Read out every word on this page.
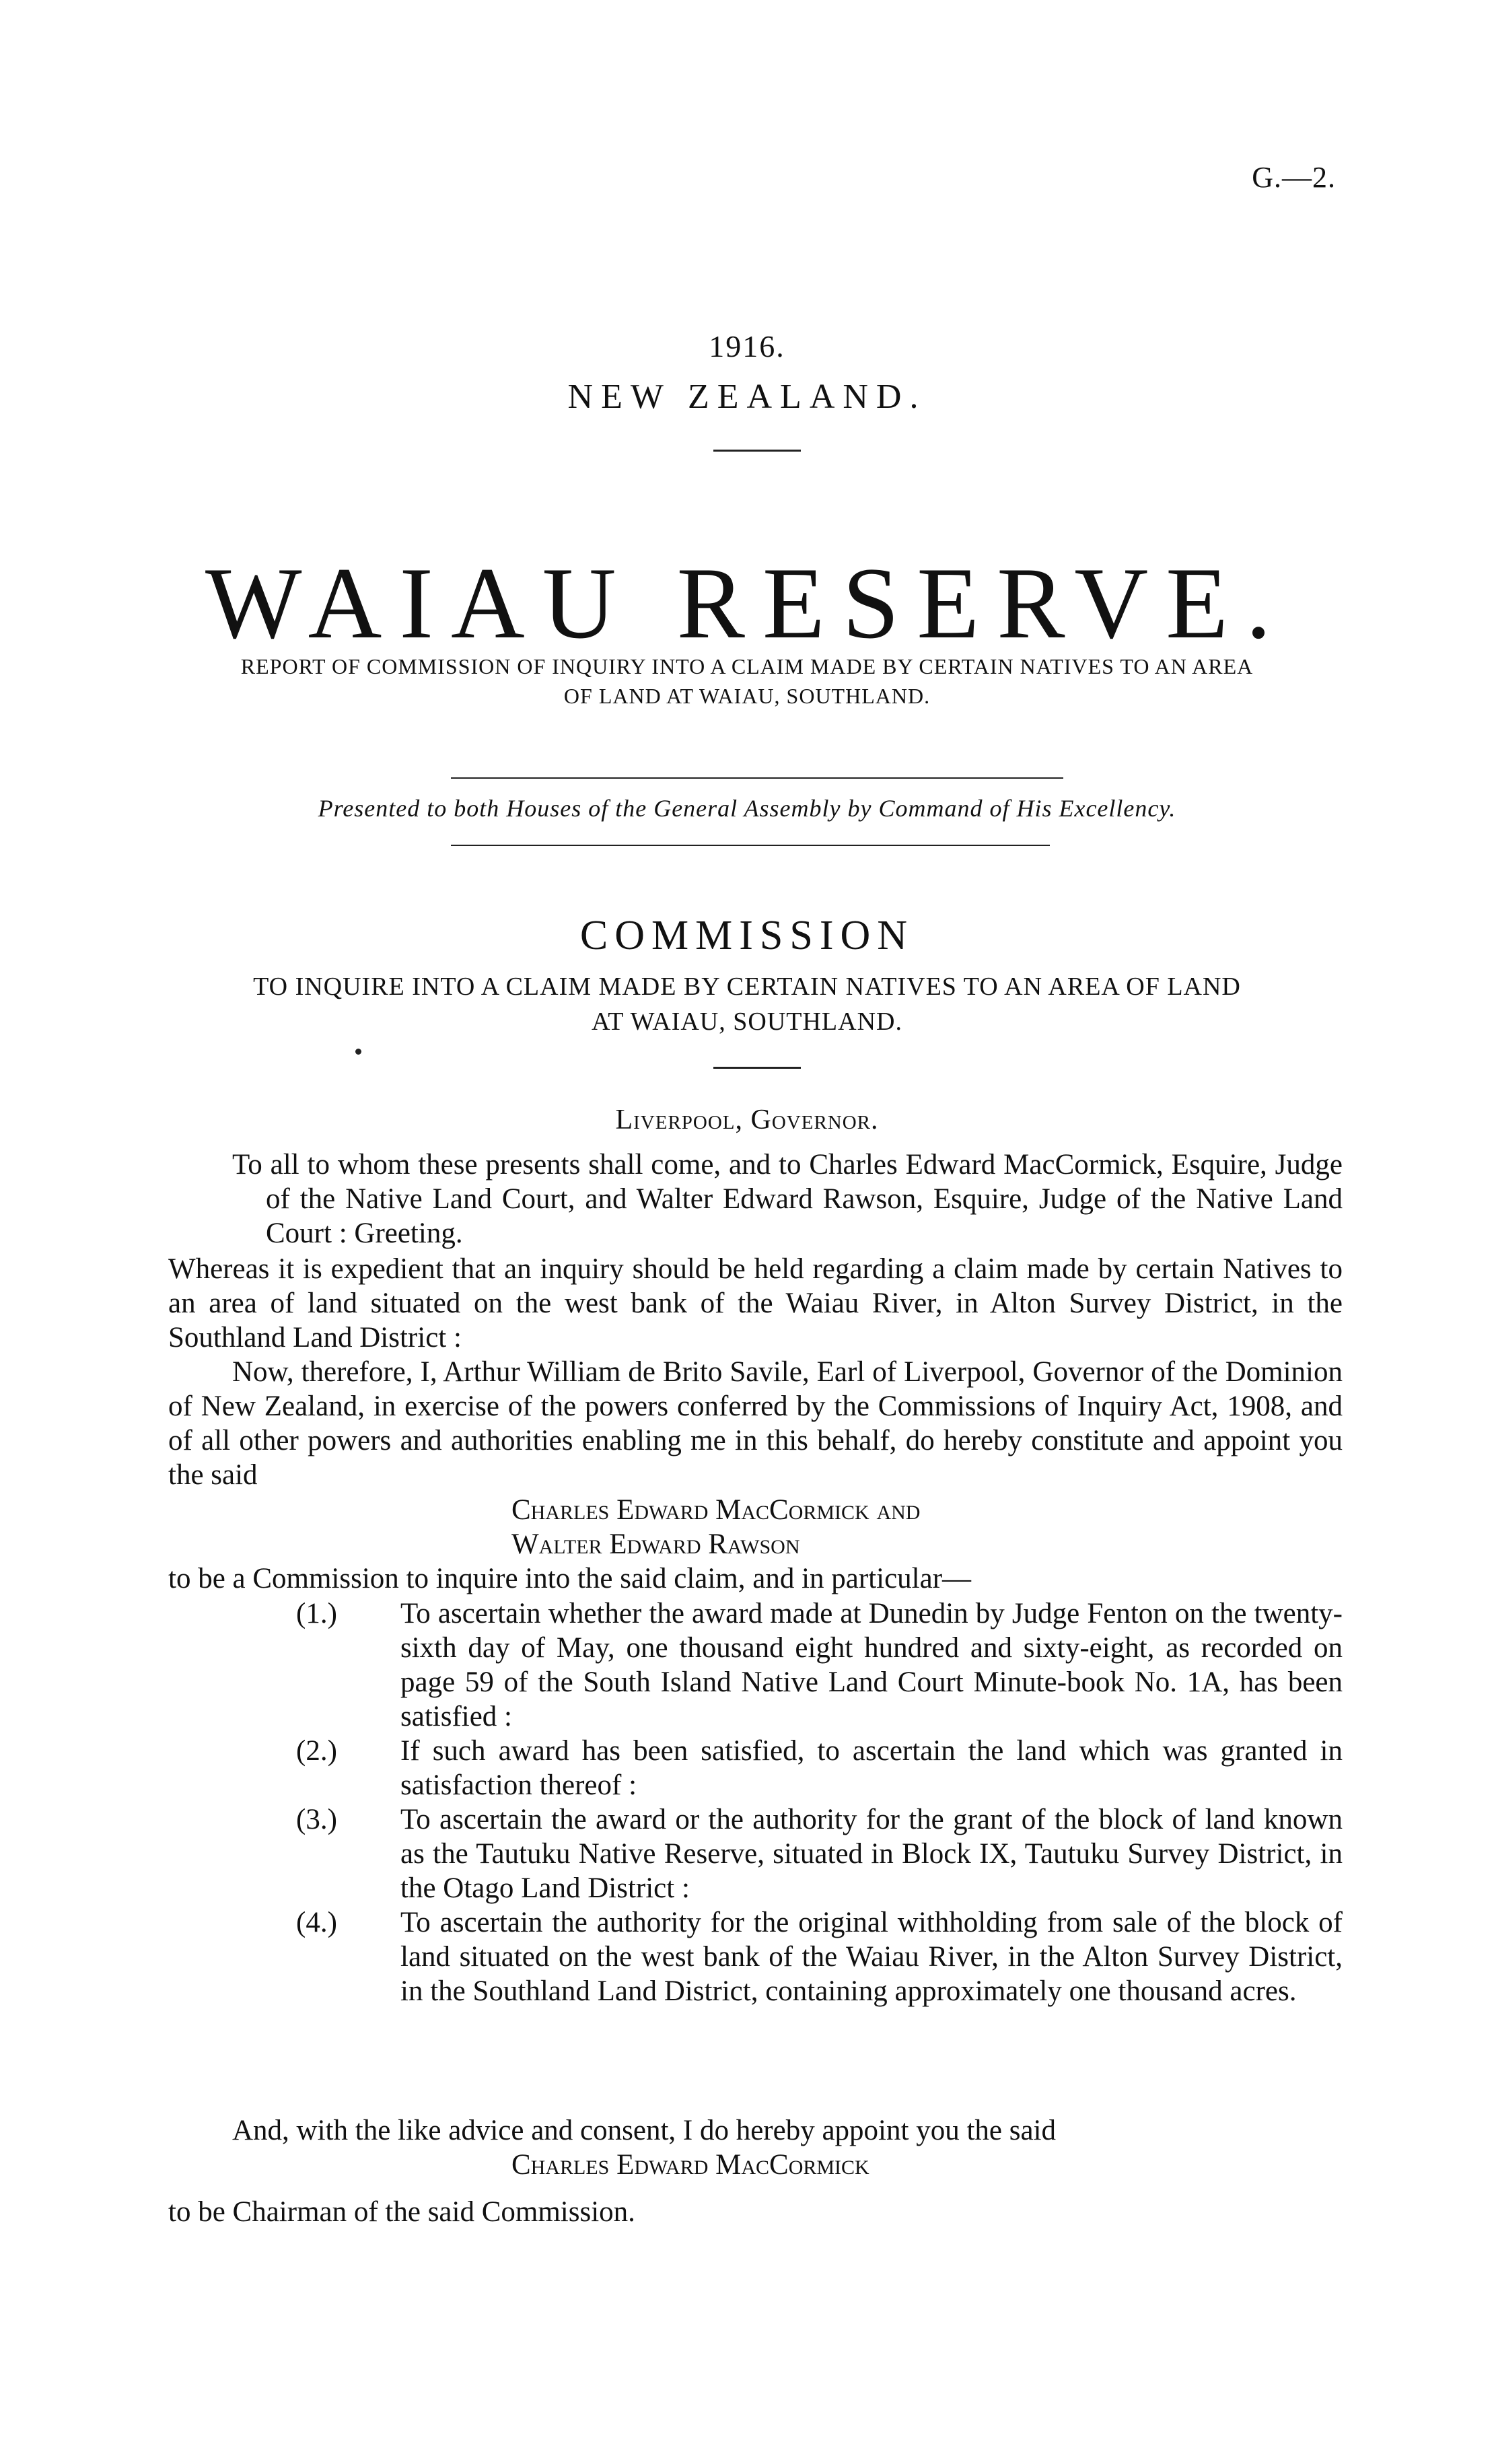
G.—2.
1916.
NEW ZEALAND.
WAIAU RESERVE.
REPORT OF COMMISSION OF INQUIRY INTO A CLAIM MADE BY CERTAIN NATIVES TO AN AREA
OF LAND AT WAIAU, SOUTHLAND.
Presented to both Houses of the General Assembly by Command of His Excellency.
COMMISSION
TO INQUIRE INTO A CLAIM MADE BY CERTAIN NATIVES TO AN AREA OF LAND
AT WAIAU, SOUTHLAND.
Liverpool, Governor.

To all to whom these presents shall come, and to Charles Edward MacCormick, Esquire, Judge of the Native Land Court, and Walter Edward Rawson, Esquire, Judge of the Native Land Court : Greeting.

Whereas it is expedient that an inquiry should be held regarding a claim made by certain Natives to an area of land situated on the west bank of the Waiau River, in Alton Survey District, in the Southland Land District :

Now, therefore, I, Arthur William de Brito Savile, Earl of Liverpool, Governor of the Dominion of New Zealand, in exercise of the powers conferred by the Commissions of Inquiry Act, 1908, and of all other powers and authorities enabling me in this behalf, do hereby constitute and appoint you the said

Charles Edward MacCormick and
Walter Edward Rawson
to be a Commission to inquire into the said claim, and in particular—

(1.) To ascertain whether the award made at Dunedin by Judge Fenton on the twenty-sixth day of May, one thousand eight hundred and sixty-eight, as recorded on page 59 of the South Island Native Land Court Minute-book No. 1A, has been satisfied :

(2.) If such award has been satisfied, to ascertain the land which was granted in satisfaction thereof :

(3.) To ascertain the award or the authority for the grant of the block of land known as the Tautuku Native Reserve, situated in Block IX, Tautuku Survey District, in the Otago Land District :

(4.) To ascertain the authority for the original withholding from sale of the block of land situated on the west bank of the Waiau River, in the Alton Survey District, in the Southland Land District, containing approximately one thousand acres.

And, with the like advice and consent, I do hereby appoint you the said
Charles Edward MacCormick
to be Chairman of the said Commission.
